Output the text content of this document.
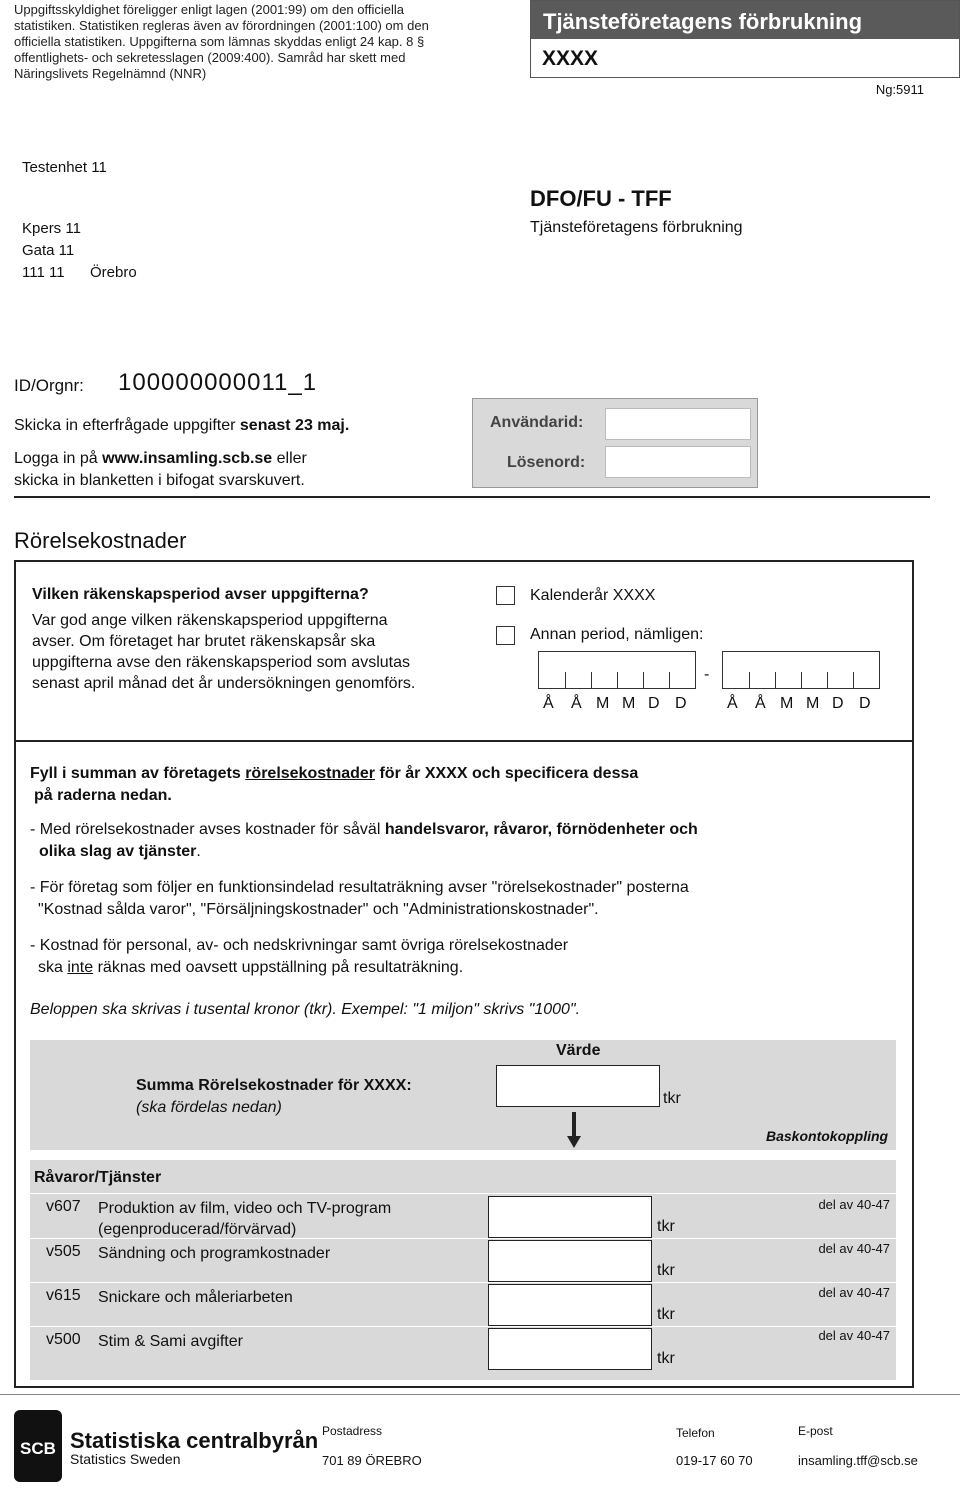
Uppgiftsskyldighet föreligger enligt lagen (2001:99) om den officiella statistiken. Statistiken regleras även av förordningen (2001:100) om den officiella statistiken. Uppgifterna som lämnas skyddas enligt 24 kap. 8 § offentlighets- och sekretesslagen (2009:400). Samråd har skett med Näringslivets Regelnämnd (NNR)
Tjänsteföretagens förbrukning
XXXX
Ng:5911
Testenhet 11
Kpers 11
Gata 11
111 11 Örebro
DFO/FU - TFF
Tjänsteföretagens förbrukning
ID/Orgnr: 100000000011_1
Skicka in efterfrågade uppgifter senast 23 maj.
Logga in på www.insamling.scb.se eller
skicka in blanketten i bifogat svarskuvert.
Användarid:
Lösenord:
Rörelsekostnader
Vilken räkenskapsperiod avser uppgifterna?
Var god ange vilken räkenskapsperiod uppgifterna avser. Om företaget har brutet räkenskapsår ska uppgifterna avse den räkenskapsperiod som avslutas senast april månad det år undersökningen genomförs.
Kalenderår XXXX
Annan period, nämligen:
-
Å Å M M D D	Å Å M M D D
Fyll i summan av företagets rörelsekostnader för år XXXX och specificera dessa
på raderna nedan.
- Med rörelsekostnader avses kostnader för såväl handelsvaror, råvaror, förnödenheter och
olika slag av tjänster.
- För företag som följer en funktionsindelad resultaträkning avser "rörelsekostnader" posterna
"Kostnad sålda varor", "Försäljningskostnader" och "Administrationskostnader".
- Kostnad för personal, av- och nedskrivningar samt övriga rörelsekostnader
ska inte räknas med oavsett uppställning på resultaträkning.
Beloppen ska skrivas i tusental kronor (tkr). Exempel: "1 miljon" skrivs "1000".
Värde
Summa Rörelsekostnader för XXXX:
(ska fördelas nedan)
tkr
Baskontokoppling
Råvaror/Tjänster
v607 Produktion av film, video och TV-program
(egenproducerad/förvärvad)	tkr
del av 40-47
v505 Sändning och programkostnader
tkr
del av 40-47
v615 Snickare och måleriarbeten
tkr
del av 40-47
v500 Stim & Sami avgifter
tkr
del av 40-47
SCB Statistiska centralbyrån
Statistics Sweden
Postadress
701 89 ÖREBRO
Telefon
019-17 60 70
E-post
insamling.tff@scb.se
